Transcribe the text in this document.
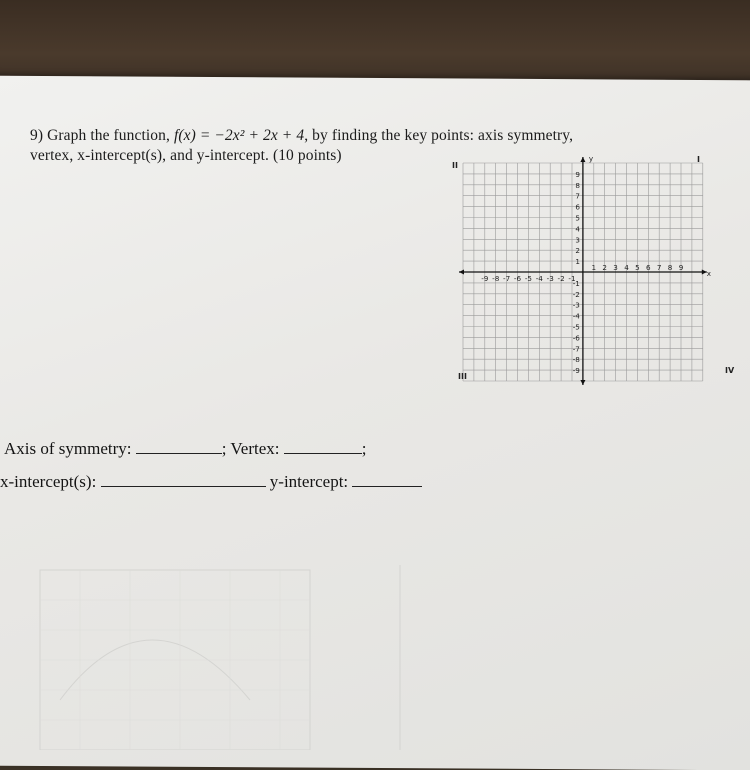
9) Graph the function, f(x) = −2x² + 2x + 4, by finding the key points: axis symmetry,
vertex, x-intercept(s), and y-intercept. (10 points)
Axis of symmetry:	; Vertex:	;
x-intercept(s):	y-intercept:
-9 -8 -7 -6 -5 -4 -3 -2 -1
1 2 3 4 5 6 7 8 9
9
8
7
6
5
4
3
2
1
-1
-2
-3
-4
-5
-6
-7
-8
-9
x
y
II
I
III
IV
